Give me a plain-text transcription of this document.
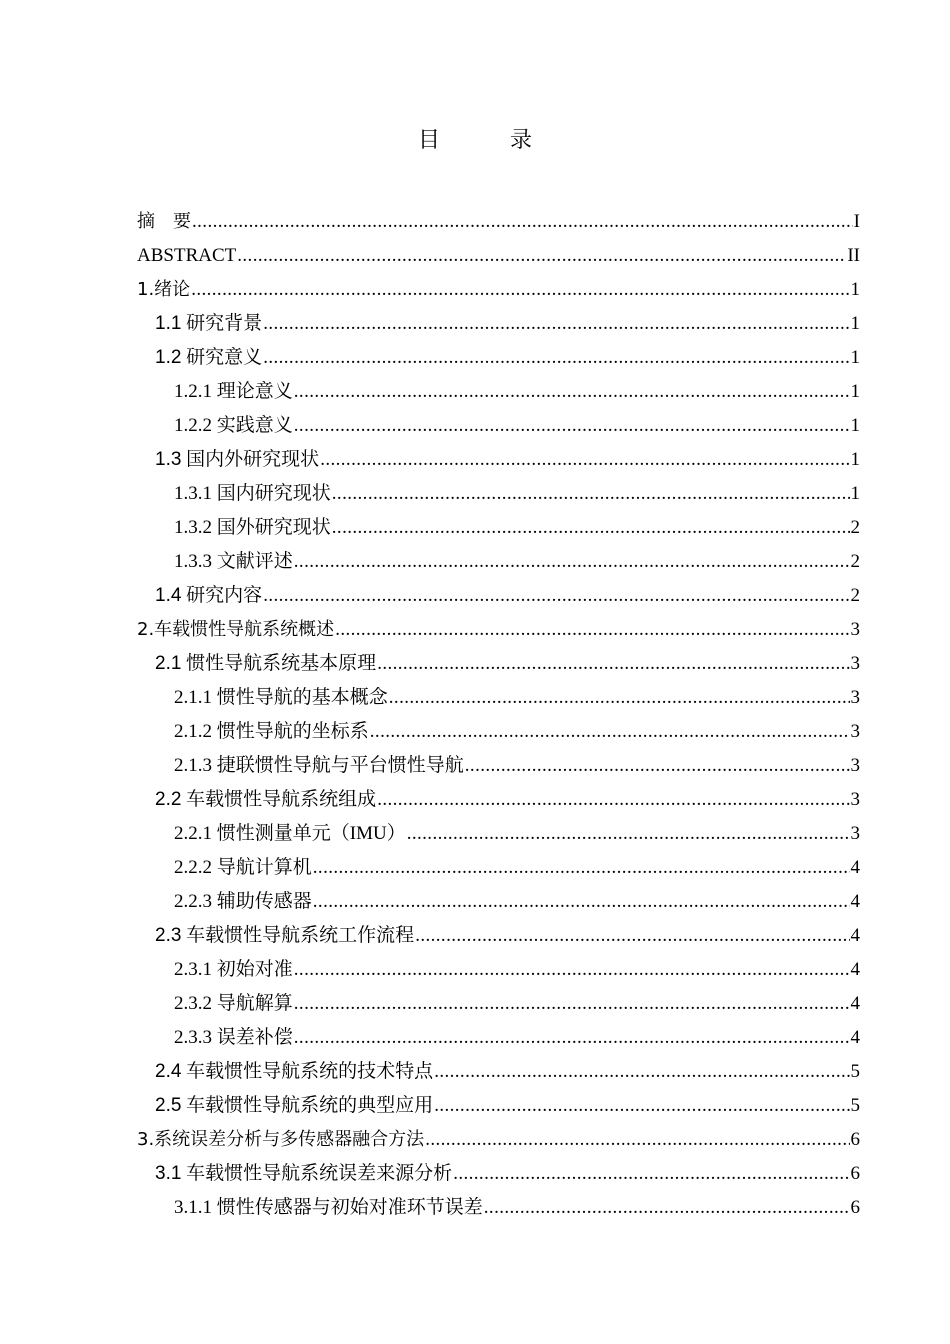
目　录
摘　要 .....	I
ABSTRACT .....	II
1.绪论 .....	1
1.1 研究背景 .....	1
1.2 研究意义 .....	1
1.2.1 理论意义 .....	1
1.2.2 实践意义 .....	1
1.3 国内外研究现状 .....	1
1.3.1 国内研究现状 .....	1
1.3.2 国外研究现状 .....	2
1.3.3 文献评述 .....	2
1.4 研究内容 .....	2
2.车载惯性导航系统概述 .....	3
2.1 惯性导航系统基本原理 .....	3
2.1.1 惯性导航的基本概念 .....	3
2.1.2 惯性导航的坐标系 .....	3
2.1.3 捷联惯性导航与平台惯性导航 .....	3
2.2 车载惯性导航系统组成 .....	3
2.2.1 惯性测量单元（IMU） .....	3
2.2.2 导航计算机 .....	4
2.2.3 辅助传感器 .....	4
2.3 车载惯性导航系统工作流程 .....	4
2.3.1 初始对准 .....	4
2.3.2 导航解算 .....	4
2.3.3 误差补偿 .....	4
2.4 车载惯性导航系统的技术特点 .....	5
2.5 车载惯性导航系统的典型应用 .....	5
3.系统误差分析与多传感器融合方法 .....	6
3.1 车载惯性导航系统误差来源分析 .....	6
3.1.1 惯性传感器与初始对准环节误差 .....	6
